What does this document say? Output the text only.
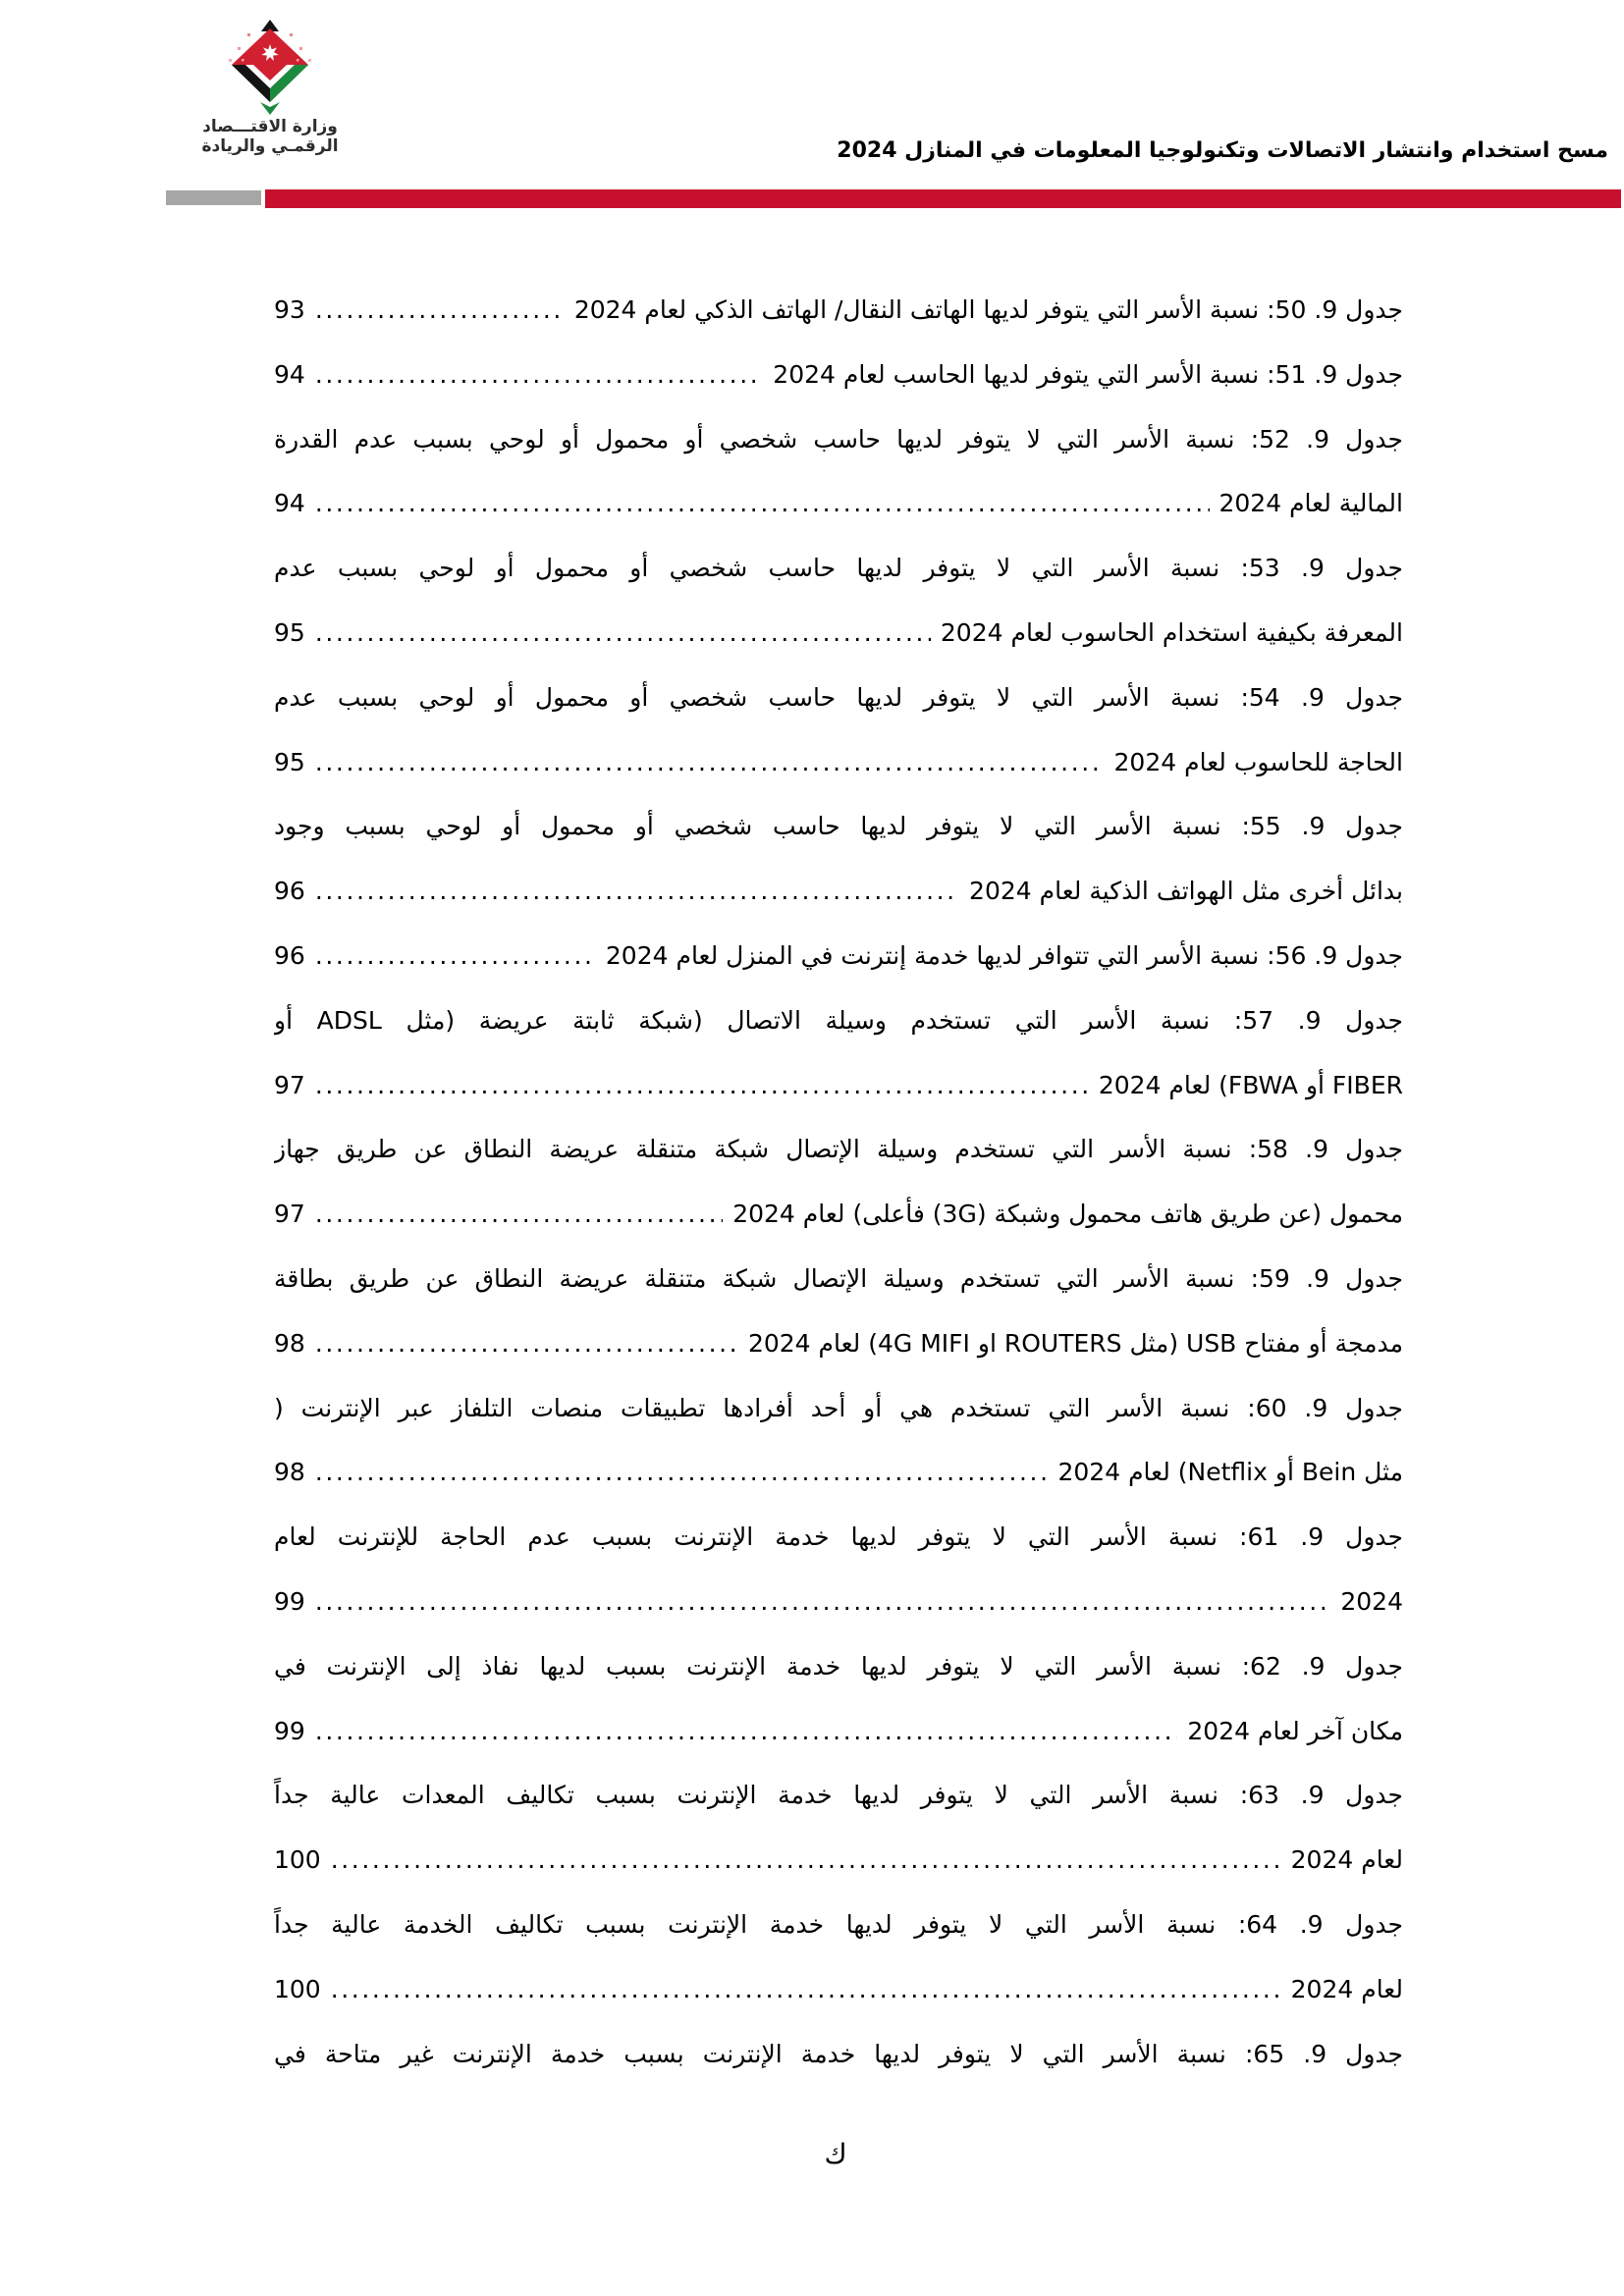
وزارة الاقتـــصاد
الرقمـي والريادة	مسح استخدام وانتشار الاتصالات وتكنولوجيا المعلومات في المنازل 2024
جدول 9. 50: نسبة الأسر التي يتوفر لديها الهاتف النقال/ الهاتف الذكي لعام 2024
.....
93
جدول 9. 51: نسبة الأسر التي يتوفر لديها الحاسب لعام 2024
.....
94
جدول 9. 52: نسبة الأسر التي لا يتوفر لديها حاسب شخصي أو محمول أو لوحي بسبب عدم القدرة
المالية لعام 2024
.....
94
جدول 9. 53: نسبة الأسر التي لا يتوفر لديها حاسب شخصي أو محمول أو لوحي بسبب عدم
المعرفة بكيفية استخدام الحاسوب لعام 2024
.....
95
جدول 9. 54: نسبة الأسر التي لا يتوفر لديها حاسب شخصي أو محمول أو لوحي بسبب عدم
الحاجة للحاسوب لعام 2024
.....
95
جدول 9. 55: نسبة الأسر التي لا يتوفر لديها حاسب شخصي أو محمول أو لوحي بسبب وجود
بدائل أخرى مثل الهواتف الذكية لعام 2024
.....
96
جدول 9. 56: نسبة الأسر التي تتوافر لديها خدمة إنترنت في المنزل لعام 2024
.....
96
جدول 9. 57: نسبة الأسر التي تستخدم وسيلة الاتصال (شبكة ثابتة عريضة (مثل ADSL أو
FIBER أو FBWA) لعام 2024
.....
97
جدول 9. 58: نسبة الأسر التي تستخدم وسيلة الإتصال شبكة متنقلة عريضة النطاق عن طريق جهاز
محمول (عن طريق هاتف محمول وشبكة (3G) فأعلى) لعام 2024
.....
97
جدول 9. 59: نسبة الأسر التي تستخدم وسيلة الإتصال شبكة متنقلة عريضة النطاق عن طريق بطاقة
مدمجة أو مفتاح USB (مثل ROUTERS او 4G MIFI) لعام 2024
.....
98
جدول 9. 60: نسبة الأسر التي تستخدم هي أو أحد أفرادها تطبيقات منصات التلفاز عبر الإنترنت (
مثل Bein أو Netflix) لعام 2024
.....
98
جدول 9. 61: نسبة الأسر التي لا يتوفر لديها خدمة الإنترنت بسبب عدم الحاجة للإنترنت لعام
2024
.....
99
جدول 9. 62: نسبة الأسر التي لا يتوفر لديها خدمة الإنترنت بسبب لديها نفاذ إلى الإنترنت في
مكان آخر لعام 2024
.....
99
جدول 9. 63: نسبة الأسر التي لا يتوفر لديها خدمة الإنترنت بسبب تكاليف المعدات عالية جداً
لعام 2024
.....
100
جدول 9. 64: نسبة الأسر التي لا يتوفر لديها خدمة الإنترنت بسبب تكاليف الخدمة عالية جداً
لعام 2024
.....
100
جدول 9. 65: نسبة الأسر التي لا يتوفر لديها خدمة الإنترنت بسبب خدمة الإنترنت غير متاحة في
ك
